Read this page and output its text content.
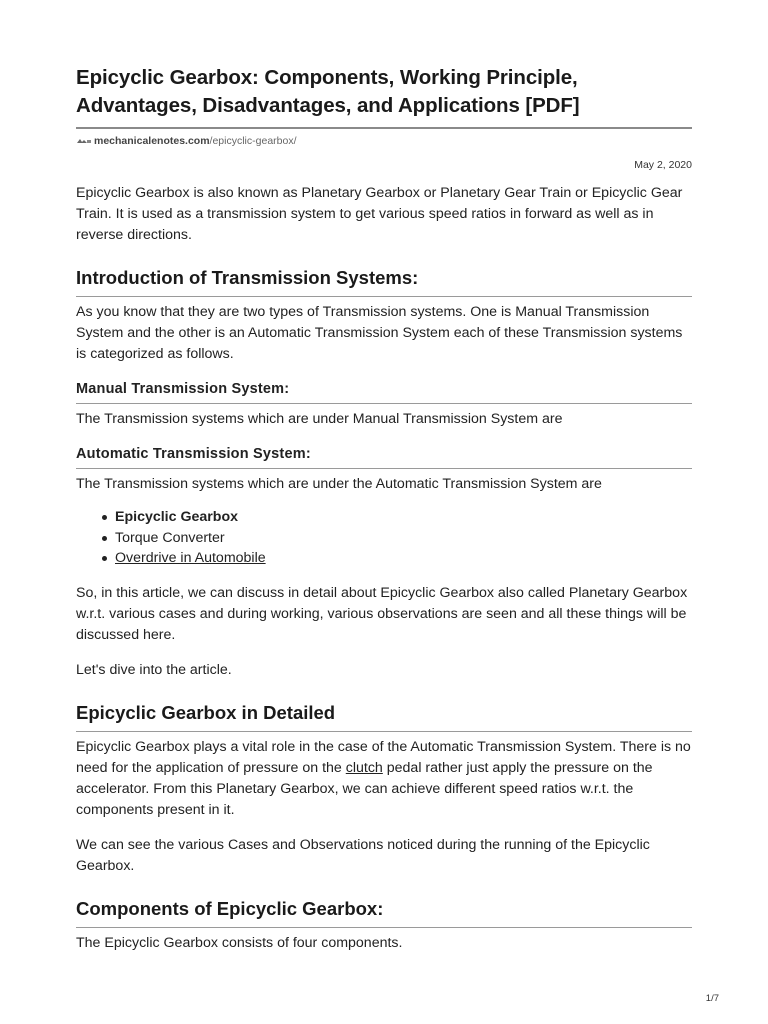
Epicyclic Gearbox: Components, Working Principle, Advantages, Disadvantages, and Applications [PDF]
mechanicalenotes.com /epicyclic-gearbox/
May 2, 2020

Epicyclic Gearbox is also known as Planetary Gearbox or Planetary Gear Train or Epicyclic Gear Train. It is used as a transmission system to get various speed ratios in forward as well as in reverse directions.

Introduction of Transmission Systems:

As you know that they are two types of Transmission systems. One is Manual Transmission System and the other is an Automatic Transmission System each of these Transmission systems is categorized as follows.

Manual Transmission System:

The Transmission systems which are under Manual Transmission System are

Automatic Transmission System:

The Transmission systems which are under the Automatic Transmission System are

Epicyclic Gearbox
Torque Converter
Overdrive in Automobile

So, in this article, we can discuss in detail about Epicyclic Gearbox also called Planetary Gearbox w.r.t. various cases and during working, various observations are seen and all these things will be discussed here.

Let's dive into the article.

Epicyclic Gearbox in Detailed

Epicyclic Gearbox plays a vital role in the case of the Automatic Transmission System. There is no need for the application of pressure on the clutch pedal rather just apply the pressure on the accelerator. From this Planetary Gearbox, we can achieve different speed ratios w.r.t. the components present in it.

We can see the various Cases and Observations noticed during the running of the Epicyclic Gearbox.

Components of Epicyclic Gearbox:

The Epicyclic Gearbox consists of four components.

1/7
